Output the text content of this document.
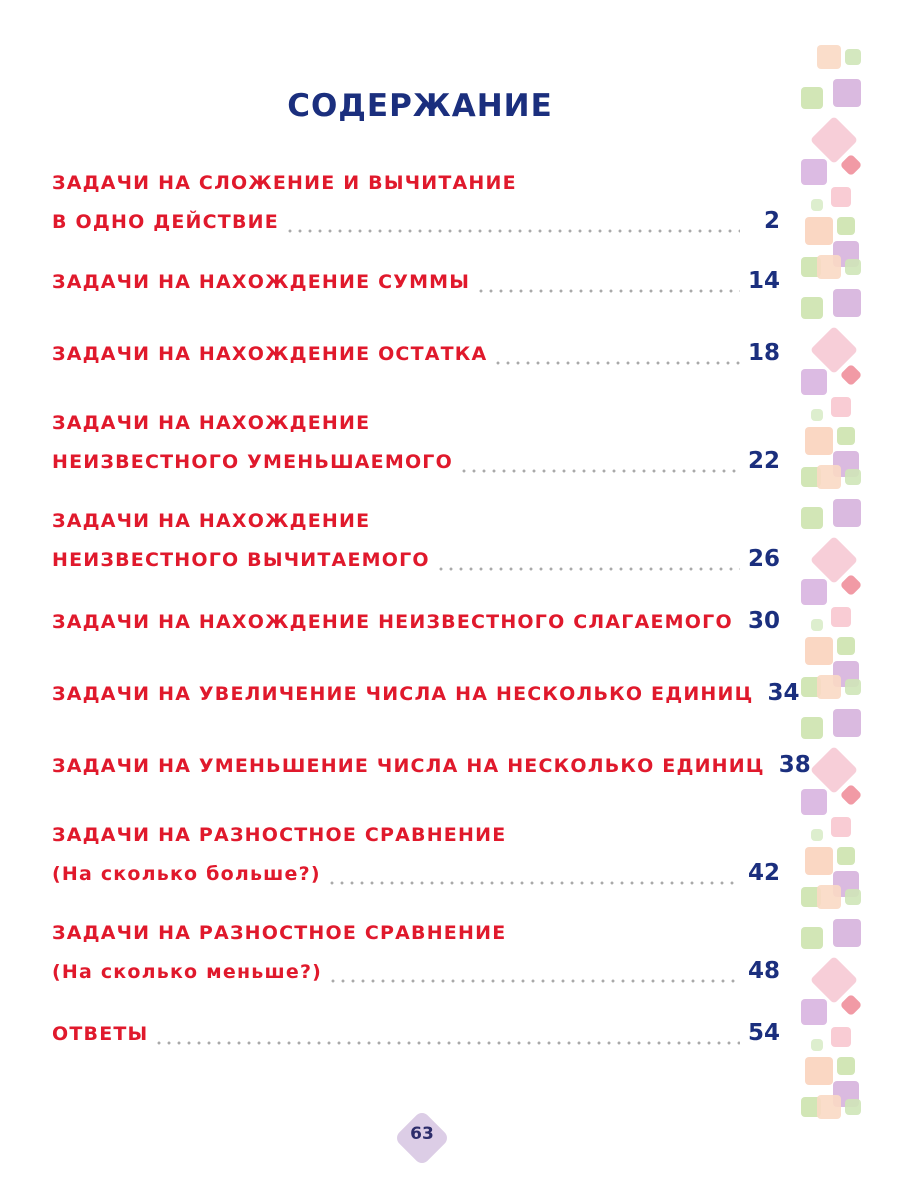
СОДЕРЖАНИЕ
ЗАДАЧИ НА СЛОЖЕНИЕ И ВЫЧИТАНИЕ
В ОДНО ДЕЙСТВИЕ	2
ЗАДАЧИ НА НАХОЖДЕНИЕ СУММЫ	14
ЗАДАЧИ НА НАХОЖДЕНИЕ ОСТАТКА	18
ЗАДАЧИ НА НАХОЖДЕНИЕ
НЕИЗВЕСТНОГО УМЕНЬШАЕМОГО	22
ЗАДАЧИ НА НАХОЖДЕНИЕ
НЕИЗВЕСТНОГО ВЫЧИТАЕМОГО	26
ЗАДАЧИ НА НАХОЖДЕНИЕ НЕИЗВЕСТНОГО СЛАГАЕМОГО 30
ЗАДАЧИ НА УВЕЛИЧЕНИЕ ЧИСЛА НА НЕСКОЛЬКО ЕДИНИЦ 34
ЗАДАЧИ НА УМЕНЬШЕНИЕ ЧИСЛА НА НЕСКОЛЬКО ЕДИНИЦ 38
ЗАДАЧИ НА РАЗНОСТНОЕ СРАВНЕНИЕ
(На сколько больше?)	42
ЗАДАЧИ НА РАЗНОСТНОЕ СРАВНЕНИЕ
(На сколько меньше?)	48
ОТВЕТЫ	54
63
